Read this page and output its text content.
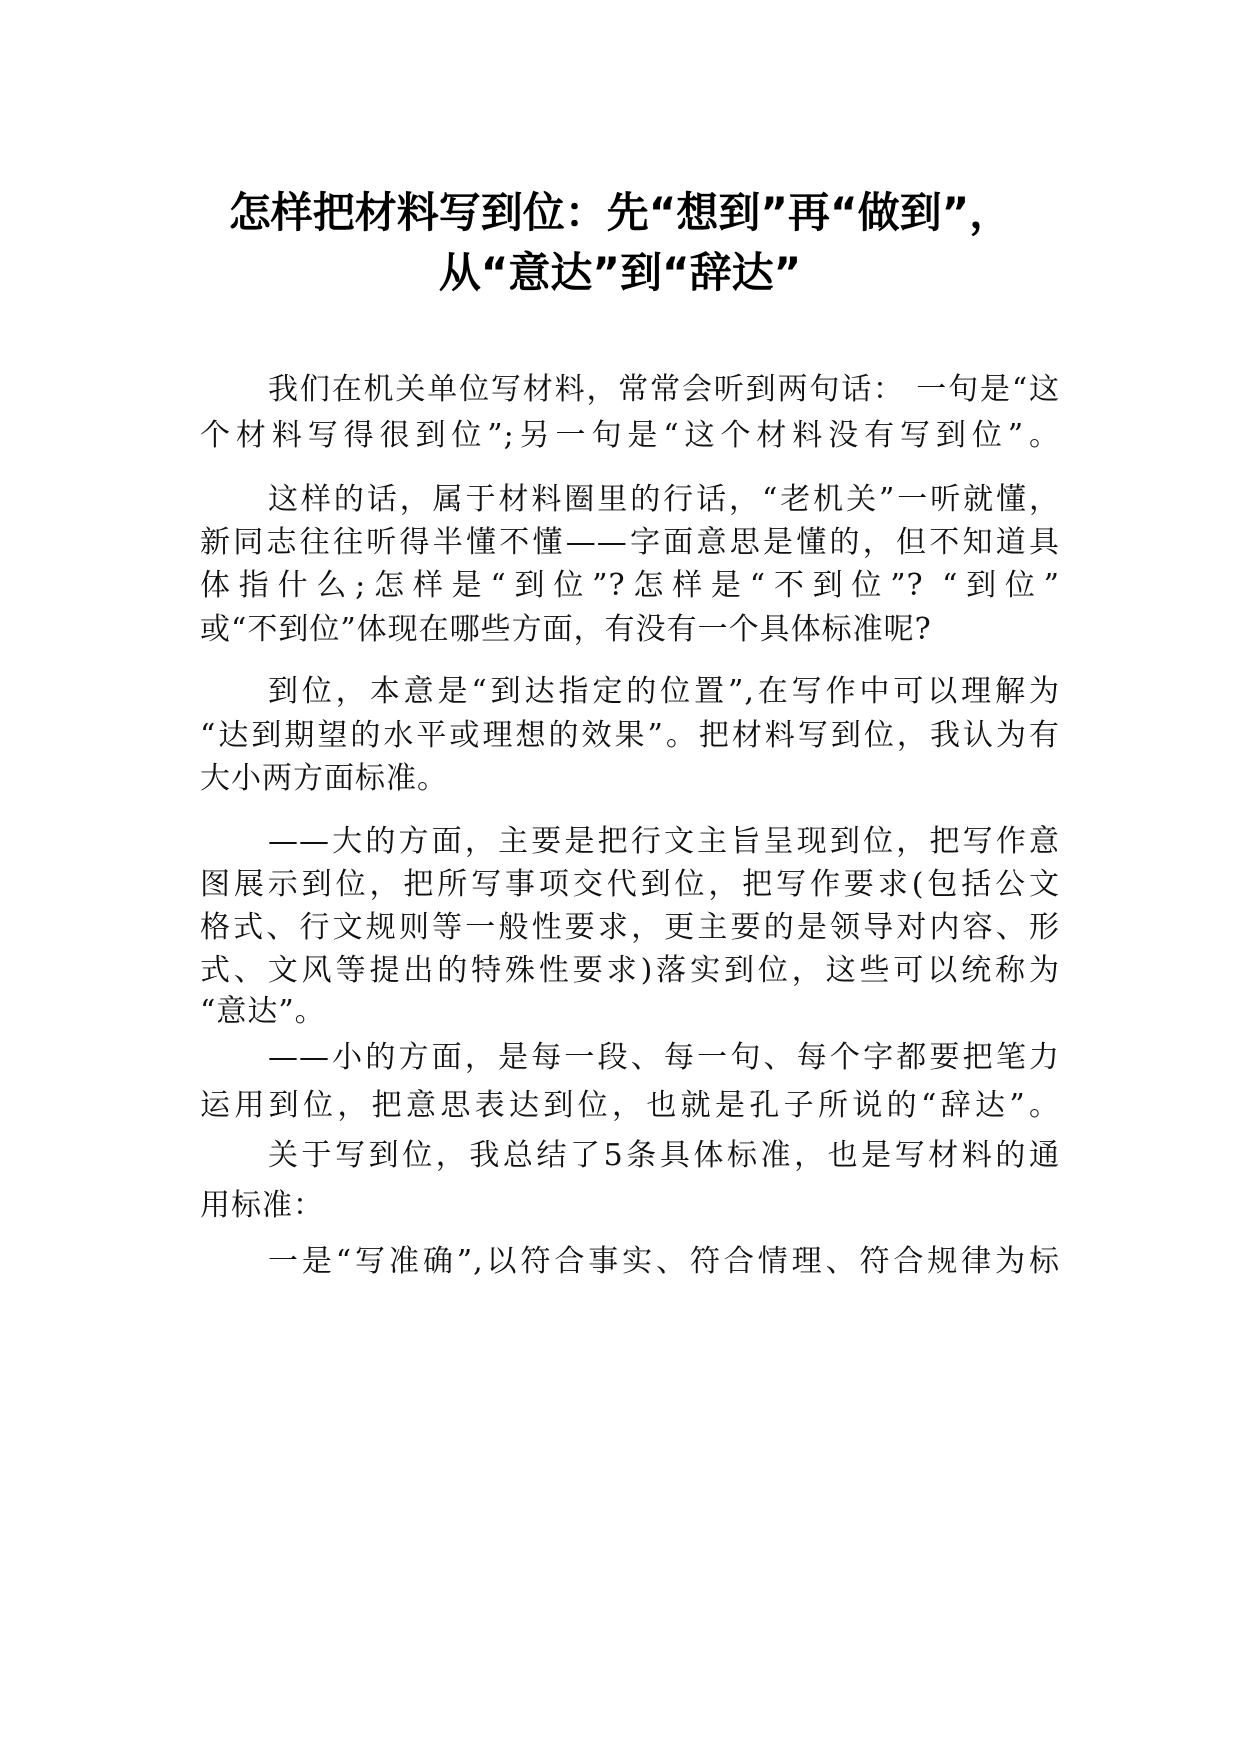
怎样把材料写到位：先“想到”再“做到”，
从“意达”到“辞达”
我们在机关单位写材料，常常会听到两句话： 一句是“这
个材料写得很到位”;另一句是“这个材料没有写到位”。
这样的话，属于材料圈里的行话，“老机关”一听就懂，
新同志往往听得半懂不懂——字面意思是懂的，但不知道具
体指什么;怎样是“到位”?怎样是“不到位”? “到位”
或“不到位”体现在哪些方面，有没有一个具体标准呢?
到位，本意是“到达指定的位置”,在写作中可以理解为
“达到期望的水平或理想的效果”。把材料写到位，我认为有
大小两方面标准。
——大的方面，主要是把行文主旨呈现到位，把写作意
图展示到位，把所写事项交代到位，把写作要求(包括公文
格式、行文规则等一般性要求，更主要的是领导对内容、形
式、文风等提出的特殊性要求)落实到位，这些可以统称为
“意达”。
——小的方面，是每一段、每一句、每个字都要把笔力
运用到位，把意思表达到位，也就是孔子所说的“辞达”。
关于写到位，我总结了5条具体标准，也是写材料的通
用标准：
一是“写准确”,以符合事实、符合情理、符合规律为标
